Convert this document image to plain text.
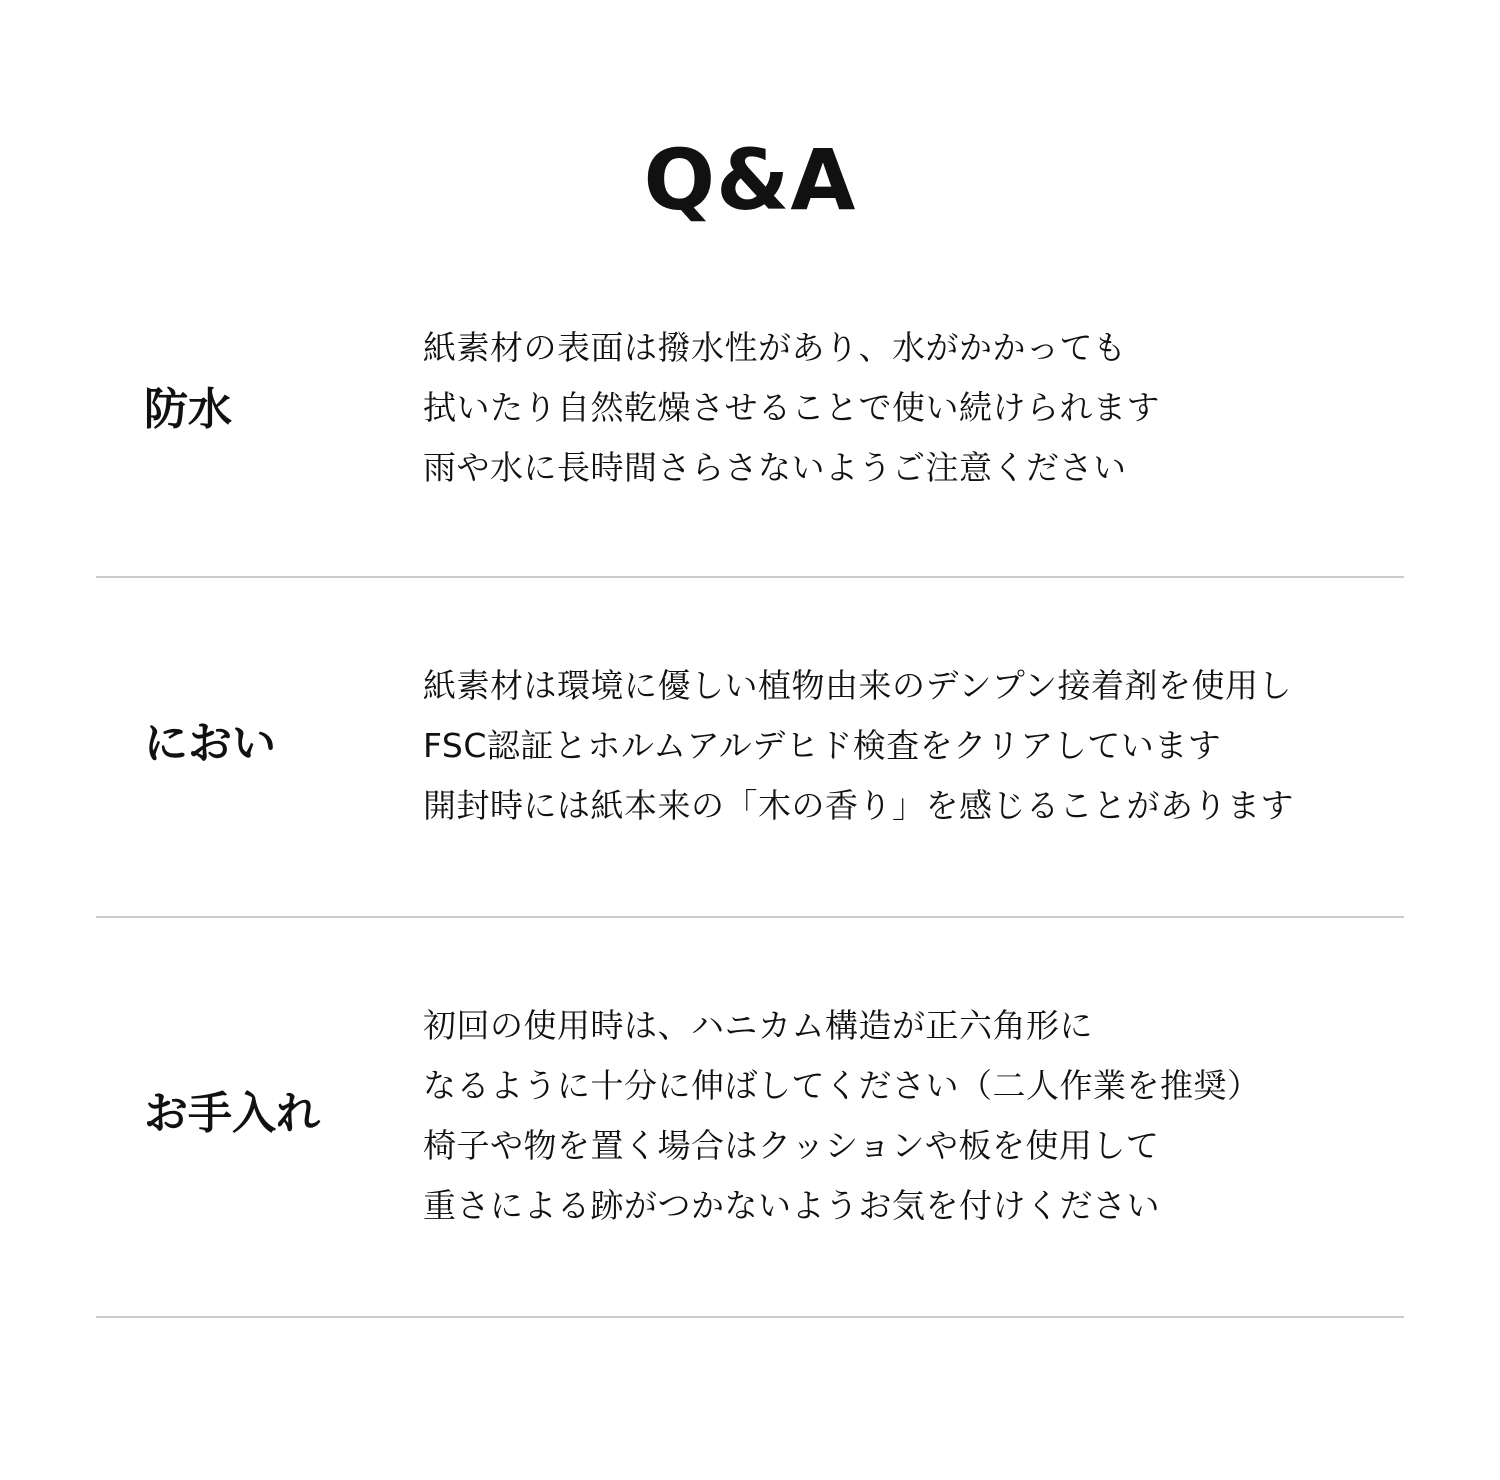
Q&A
防水
紙素材の表面は撥水性があり、水がかかっても
拭いたり自然乾燥させることで使い続けられます
雨や水に長時間さらさないようご注意ください
におい
紙素材は環境に優しい植物由来のデンプン接着剤を使用し
FSC認証とホルムアルデヒド検査をクリアしています
開封時には紙本来の「木の香り」を感じることがあります
お手入れ
初回の使用時は、ハニカム構造が正六角形に
なるように十分に伸ばしてください（二人作業を推奨）
椅子や物を置く場合はクッションや板を使用して
重さによる跡がつかないようお気を付けください
